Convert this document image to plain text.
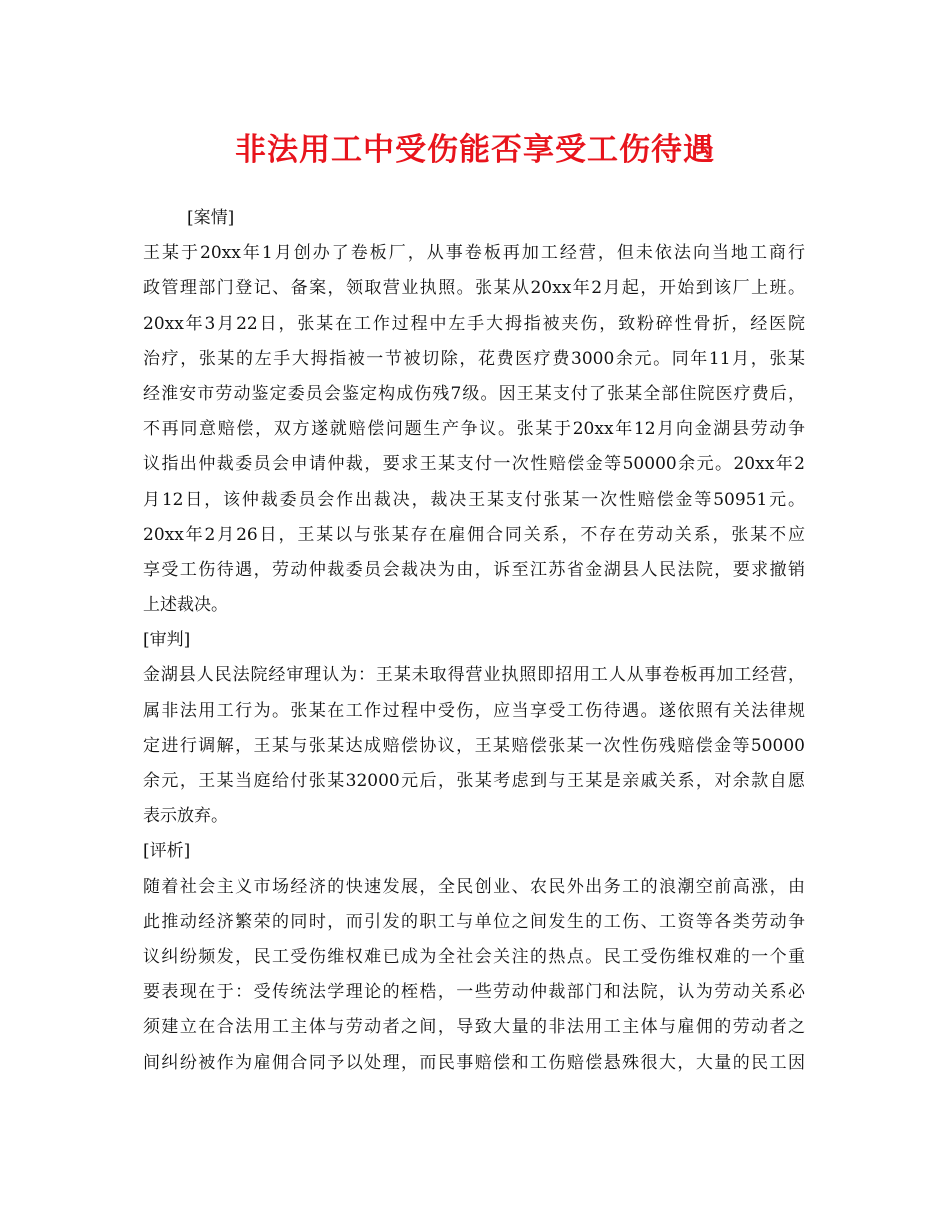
非法用工中受伤能否享受工伤待遇
[案情]
王某于20xx年1月创办了卷板厂，从事卷板再加工经营，但未依法向当地工商行
政管理部门登记、备案，领取营业执照。张某从20xx年2月起，开始到该厂上班。
20xx年3月22日，张某在工作过程中左手大拇指被夹伤，致粉碎性骨折，经医院
治疗，张某的左手大拇指被一节被切除，花费医疗费3000余元。同年11月，张某
经淮安市劳动鉴定委员会鉴定构成伤残7级。因王某支付了张某全部住院医疗费后，
不再同意赔偿，双方遂就赔偿问题生产争议。张某于20xx年12月向金湖县劳动争
议指出仲裁委员会申请仲裁，要求王某支付一次性赔偿金等50000余元。20xx年2
月12日，该仲裁委员会作出裁决，裁决王某支付张某一次性赔偿金等50951元。
20xx年2月26日，王某以与张某存在雇佣合同关系，不存在劳动关系，张某不应
享受工伤待遇，劳动仲裁委员会裁决为由，诉至江苏省金湖县人民法院，要求撤销
上述裁决。
[审判]
金湖县人民法院经审理认为：王某未取得营业执照即招用工人从事卷板再加工经营，
属非法用工行为。张某在工作过程中受伤，应当享受工伤待遇。遂依照有关法律规
定进行调解，王某与张某达成赔偿协议，王某赔偿张某一次性伤残赔偿金等50000
余元，王某当庭给付张某32000元后，张某考虑到与王某是亲戚关系，对余款自愿
表示放弃。
[评析]
随着社会主义市场经济的快速发展，全民创业、农民外出务工的浪潮空前高涨，由
此推动经济繁荣的同时，而引发的职工与单位之间发生的工伤、工资等各类劳动争
议纠纷频发，民工受伤维权难已成为全社会关注的热点。民工受伤维权难的一个重
要表现在于：受传统法学理论的桎梏，一些劳动仲裁部门和法院，认为劳动关系必
须建立在合法用工主体与劳动者之间，导致大量的非法用工主体与雇佣的劳动者之
间纠纷被作为雇佣合同予以处理，而民事赔偿和工伤赔偿悬殊很大，大量的民工因
